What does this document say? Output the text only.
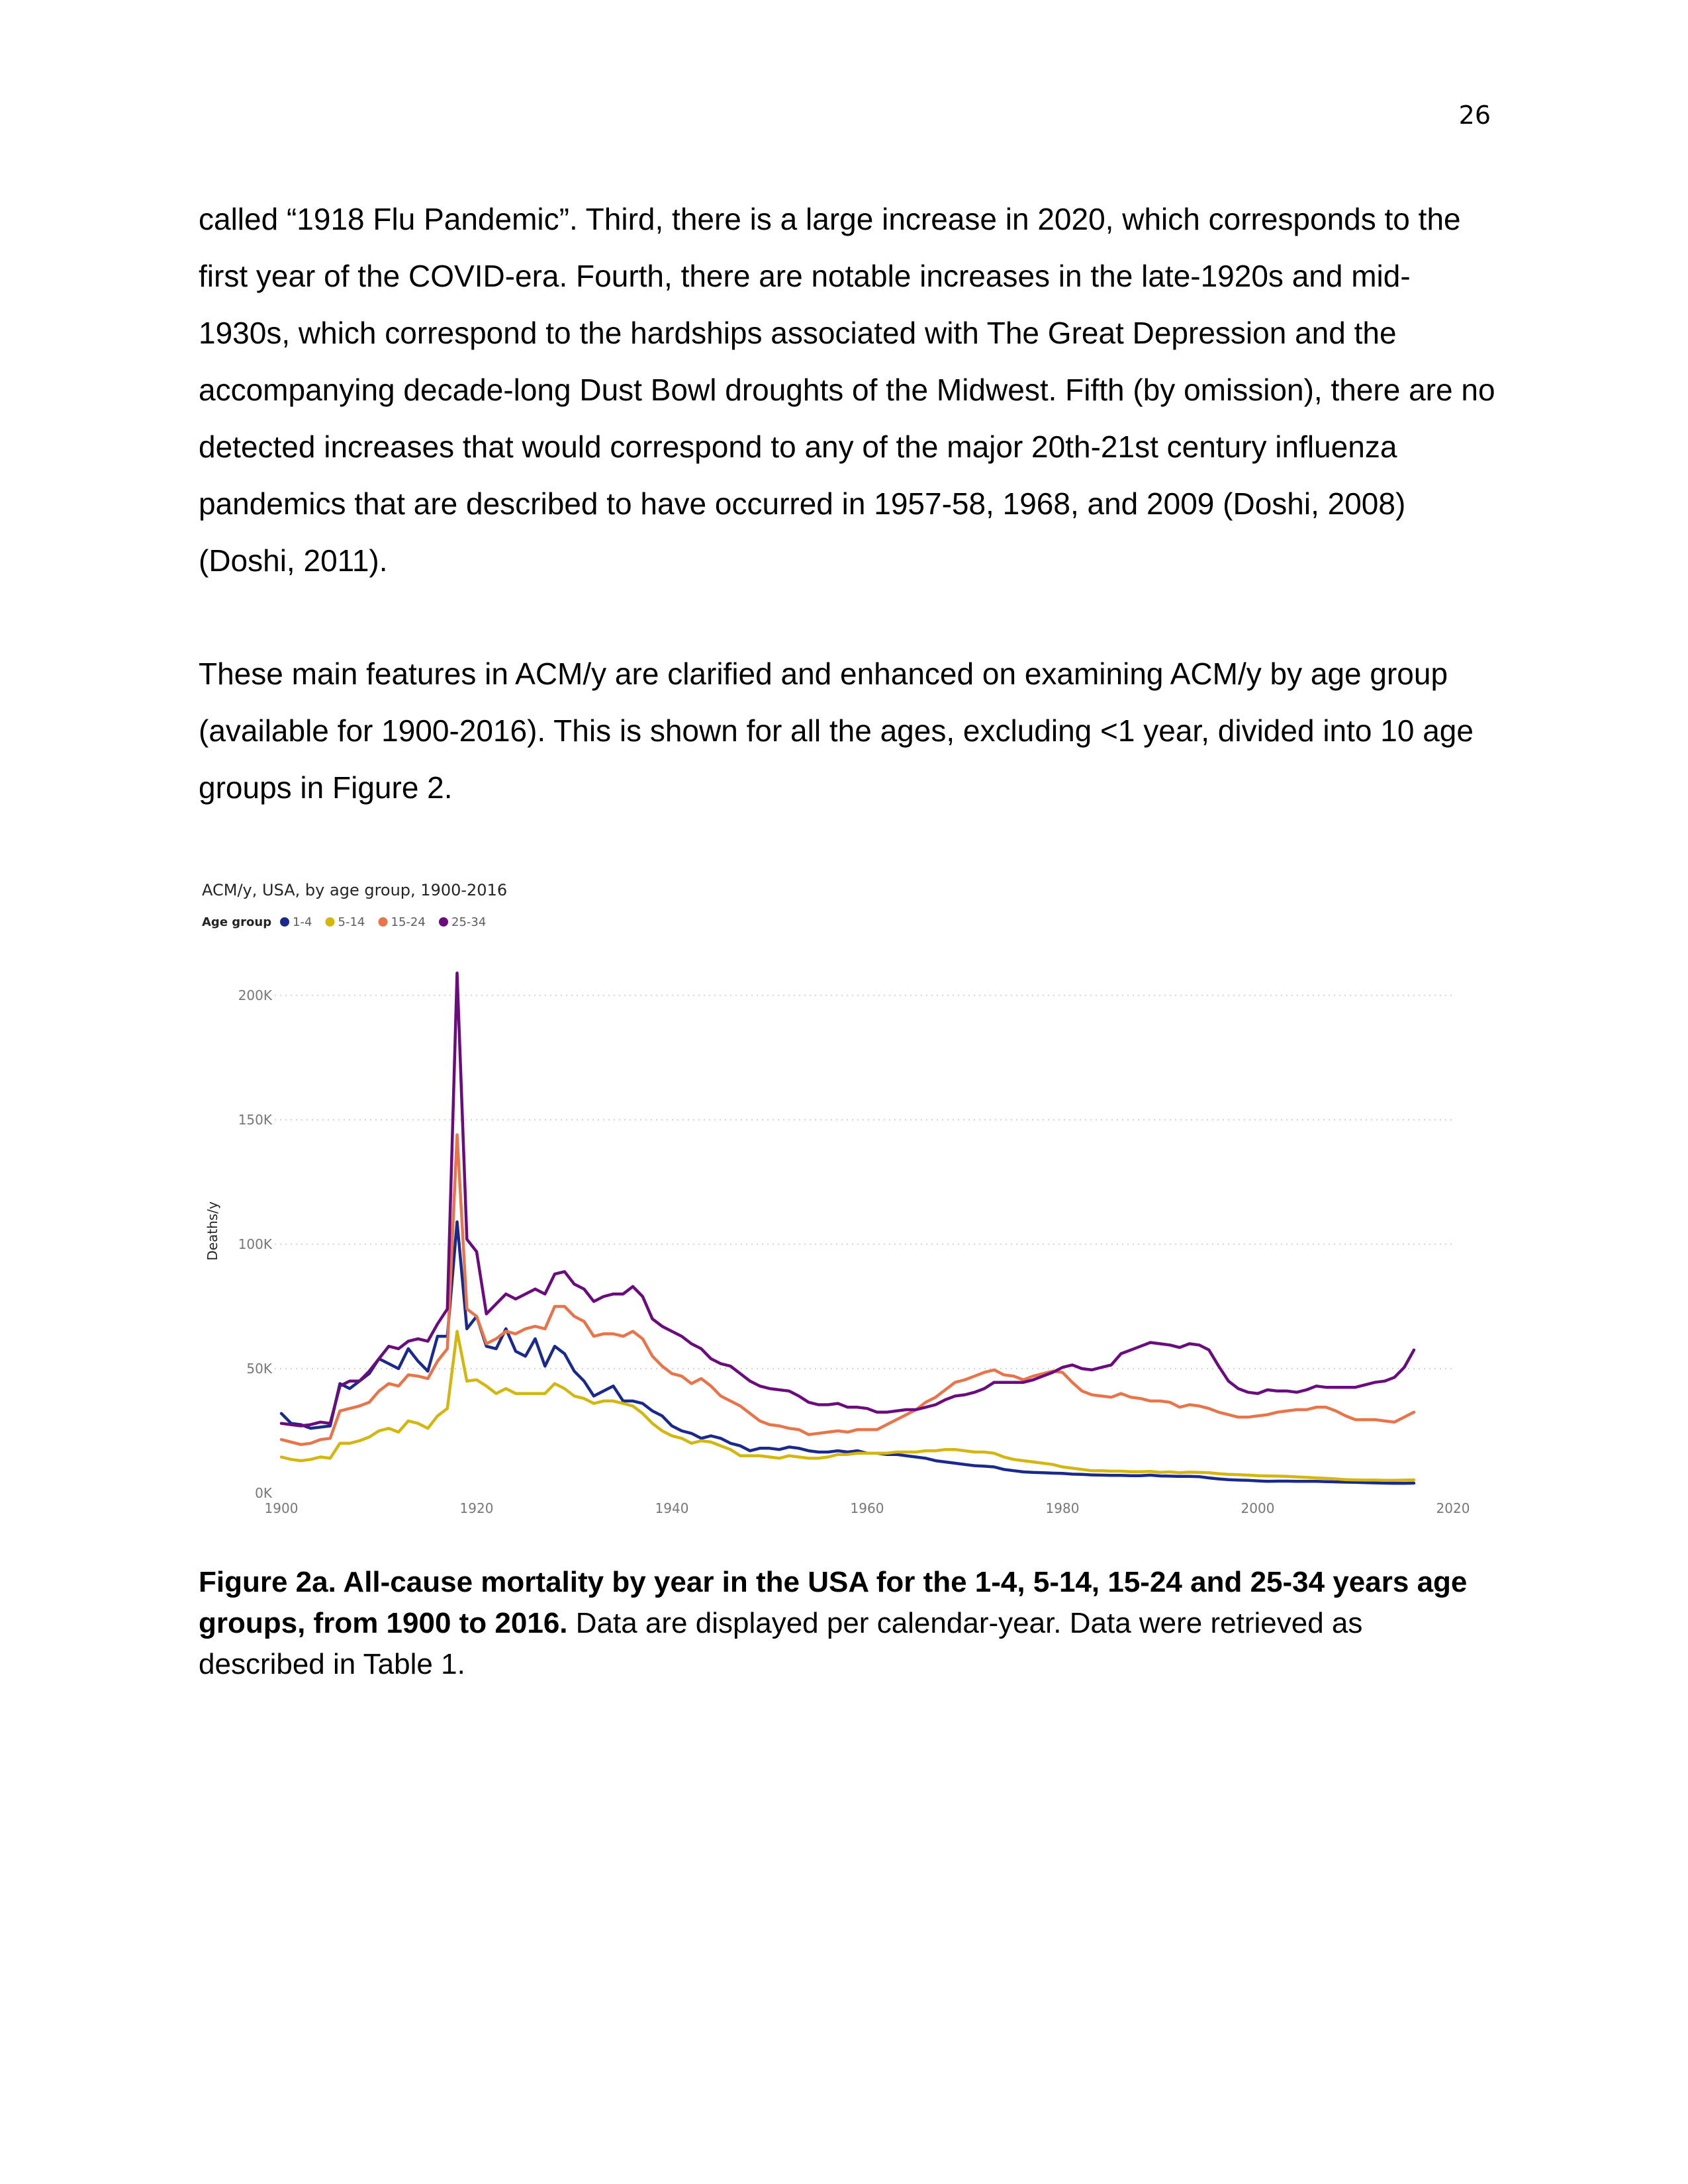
26

called “1918 Flu Pandemic”. Third, there is a large increase in 2020, which corresponds to the first year of the COVID-era. Fourth, there are notable increases in the late-1920s and mid-1930s, which correspond to the hardships associated with The Great Depression and the accompanying decade-long Dust Bowl droughts of the Midwest. Fifth (by omission), there are no detected increases that would correspond to any of the major 20th-21st century influenza pandemics that are described to have occurred in 1957-58, 1968, and 2009 (Doshi, 2008) (Doshi, 2011).

These main features in ACM/y are clarified and enhanced on examining ACM/y by age group (available for 1900-2016). This is shown for all the ages, excluding <1 year, divided into 10 age groups in Figure 2.

ACM/y, USA, by age group, 1900-2016
Age group 1-4 5-14 15-24 25-34
0K
50K
100K
150K
200K
1900	1920	1940	1960	1980	2000	2020
Deaths/y
Figure 2a. All-cause mortality by year in the USA for the 1-4, 5-14, 15-24 and 25-34 years age groups, from 1900 to 2016. Data are displayed per calendar-year. Data were retrieved as described in Table 1.
